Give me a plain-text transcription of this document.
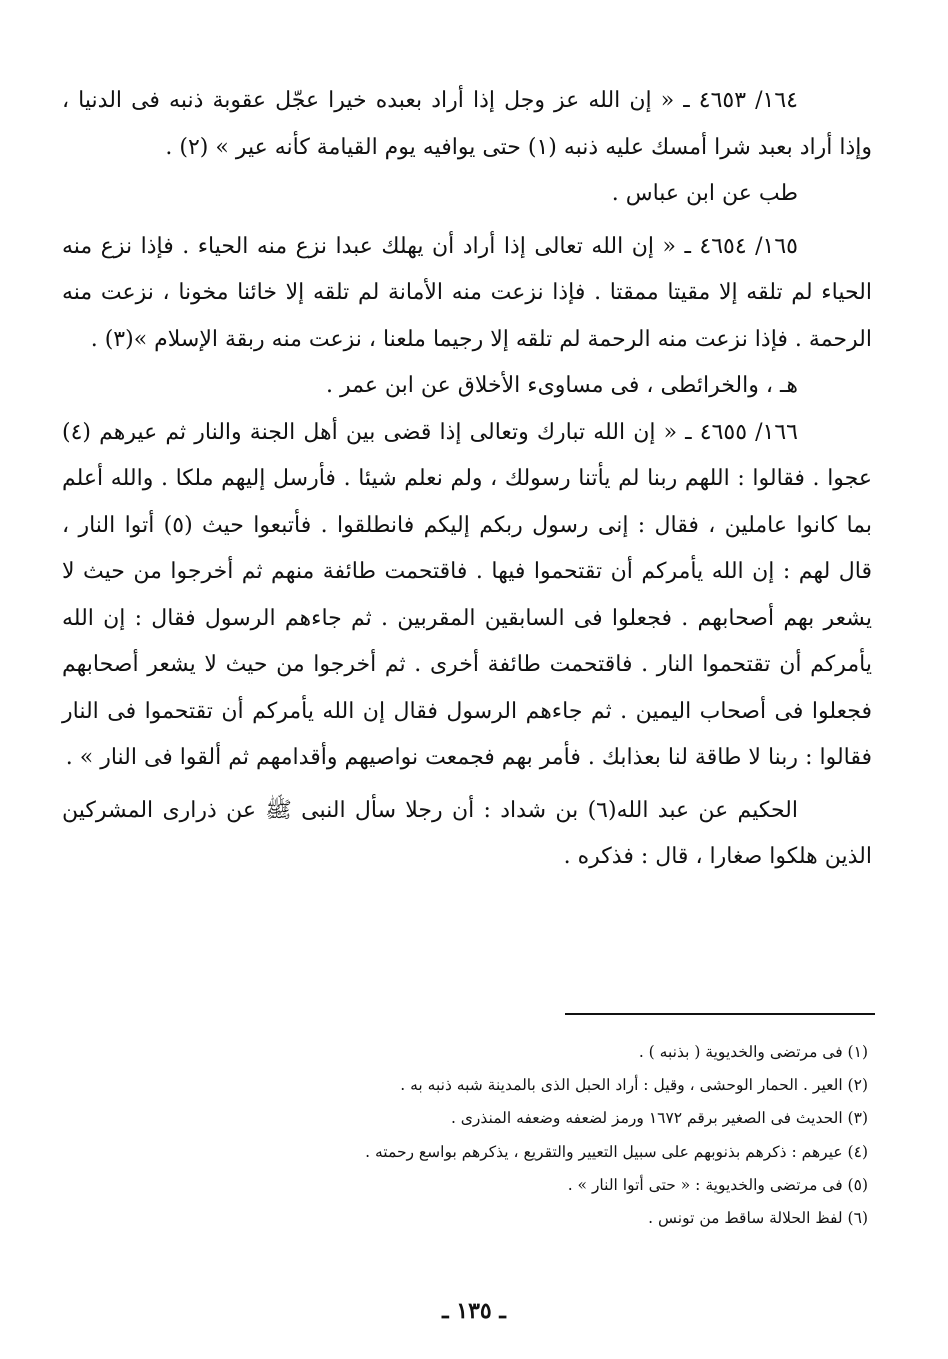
١٦٤/ ٤٦٥٣ ـ « إن الله عز وجل إذا أراد بعبده خيرا عجّل عقوبة ذنبه فى الدنيا ، وإذا أراد بعبد شرا أمسك عليه ذنبه (١) حتى يوافيه يوم القيامة كأنه عير » (٢) .

طب عن ابن عباس .

١٦٥/ ٤٦٥٤ ـ « إن الله تعالى إذا أراد أن يهلك عبدا نزع منه الحياء . فإذا نزع منه الحياء لم تلقه إلا مقيتا ممقتا . فإذا نزعت منه الأمانة لم تلقه إلا خائنا مخونا ، نزعت منه الرحمة . فإذا نزعت منه الرحمة لم تلقه إلا رجيما ملعنا ، نزعت منه ربقة الإسلام »(٣) .

هـ ، والخرائطى ، فى مساوىء الأخلاق عن ابن عمر .

١٦٦/ ٤٦٥٥ ـ « إن الله تبارك وتعالى إذا قضى بين أهل الجنة والنار ثم عيرهم (٤) عجوا . فقالوا : اللهم ربنا لم يأتنا رسولك ، ولم نعلم شيئا . فأرسل إليهم ملكا . والله أعلم بما كانوا عاملين ، فقال : إنى رسول ربكم إليكم فانطلقوا . فأتبعوا حيث (٥) أتوا النار ، قال لهم : إن الله يأمركم أن تقتحموا فيها . فاقتحمت طائفة منهم ثم أخرجوا من حيث لا يشعر بهم أصحابهم . فجعلوا فى السابقين المقربين . ثم جاءهم الرسول فقال : إن الله يأمركم أن تقتحموا النار . فاقتحمت طائفة أخرى . ثم أخرجوا من حيث لا يشعر أصحابهم فجعلوا فى أصحاب اليمين . ثم جاءهم الرسول فقال إن الله يأمركم أن تقتحموا فى النار فقالوا : ربنا لا طاقة لنا بعذابك . فأمر بهم فجمعت نواصيهم وأقدامهم ثم ألقوا فى النار » .

الحكيم عن عبد الله(٦) بن شداد : أن رجلا سأل النبى ﷺ عن ذرارى المشركين الذين هلكوا صغارا ، قال : فذكره .

(١) فى مرتضى والخديوية ( بذنبه ) .
(٢) العير . الحمار الوحشى ، وقيل : أراد الحبل الذى بالمدينة شبه ذنبه به .
(٣) الحديث فى الصغير برقم ١٦٧٢ ورمز لضعفه وضعفه المنذرى .
(٤) عيرهم : ذكرهم بذنوبهم على سبيل التعيير والتقريع ، يذكرهم بواسع رحمته .
(٥) فى مرتضى والخديوية : « حتى أتوا النار » .
(٦) لفظ الحلالة ساقط من تونس .
ـ ١٣٥ ـ
